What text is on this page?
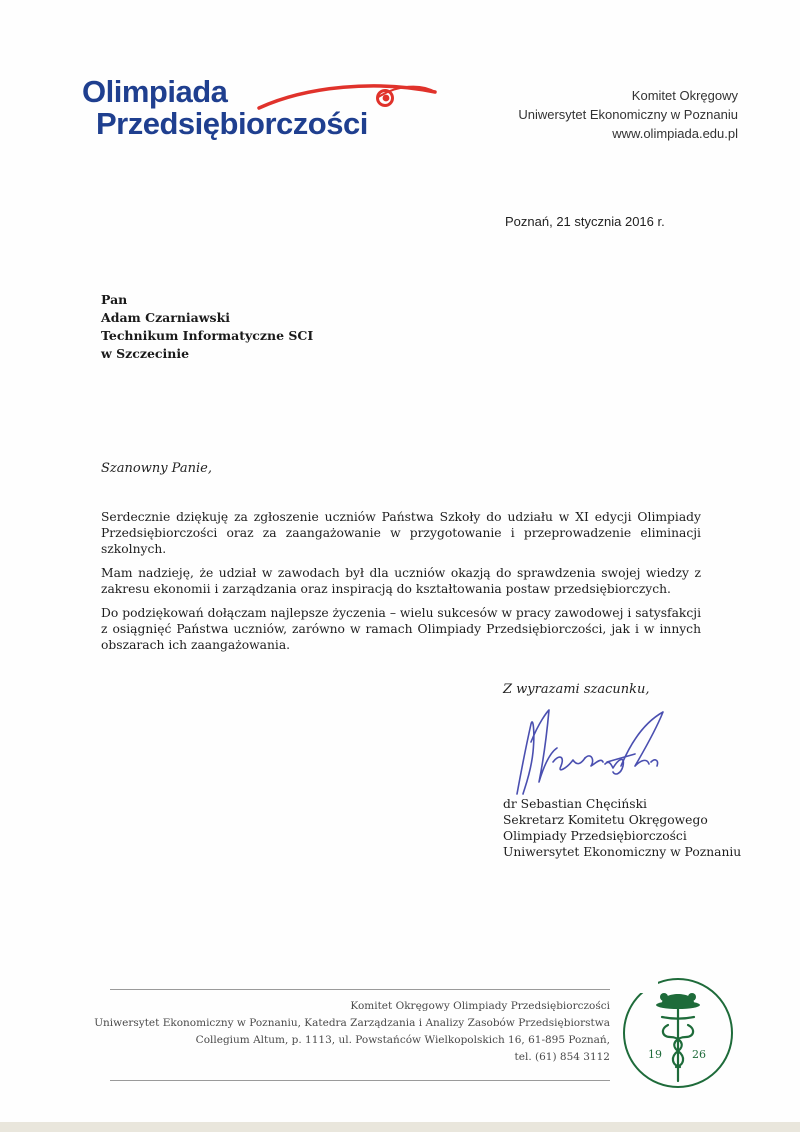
Olimpiada
Przedsiębiorczości
Komitet Okręgowy
Uniwersytet Ekonomiczny w Poznaniu
www.olimpiada.edu.pl
Poznań, 21 stycznia 2016 r.
Pan
Adam Czarniawski
Technikum Informatyczne SCI
w Szczecinie
Szanowny Panie,

Serdecznie dziękuję za zgłoszenie uczniów Państwa Szkoły do udziału w XI edycji Olimpiady Przedsiębiorczości oraz za zaangażowanie w przygotowanie i przeprowadzenie eliminacji szkolnych.

Mam nadzieję, że udział w zawodach był dla uczniów okazją do sprawdzenia swojej wiedzy z zakresu ekonomii i zarządzania oraz inspiracją do kształtowania postaw przedsiębiorczych.

Do podziękowań dołączam najlepsze życzenia – wielu sukcesów w pracy zawodowej i satysfakcji z osiągnięć Państwa uczniów, zarówno w ramach Olimpiady Przedsiębiorczości, jak i w innych obszarach ich zaangażowania.

Z wyrazami szacunku,
dr Sebastian Chęciński
Sekretarz Komitetu Okręgowego
Olimpiady Przedsiębiorczości
Uniwersytet Ekonomiczny w Poznaniu
Komitet Okręgowy Olimpiady Przedsiębiorczości
Uniwersytet Ekonomiczny w Poznaniu, Katedra Zarządzania i Analizy Zasobów Przedsiębiorstwa
Collegium Altum, p. 1113, ul. Powstańców Wielkopolskich 16, 61-895 Poznań,
tel. (61) 854 3112	19	26
